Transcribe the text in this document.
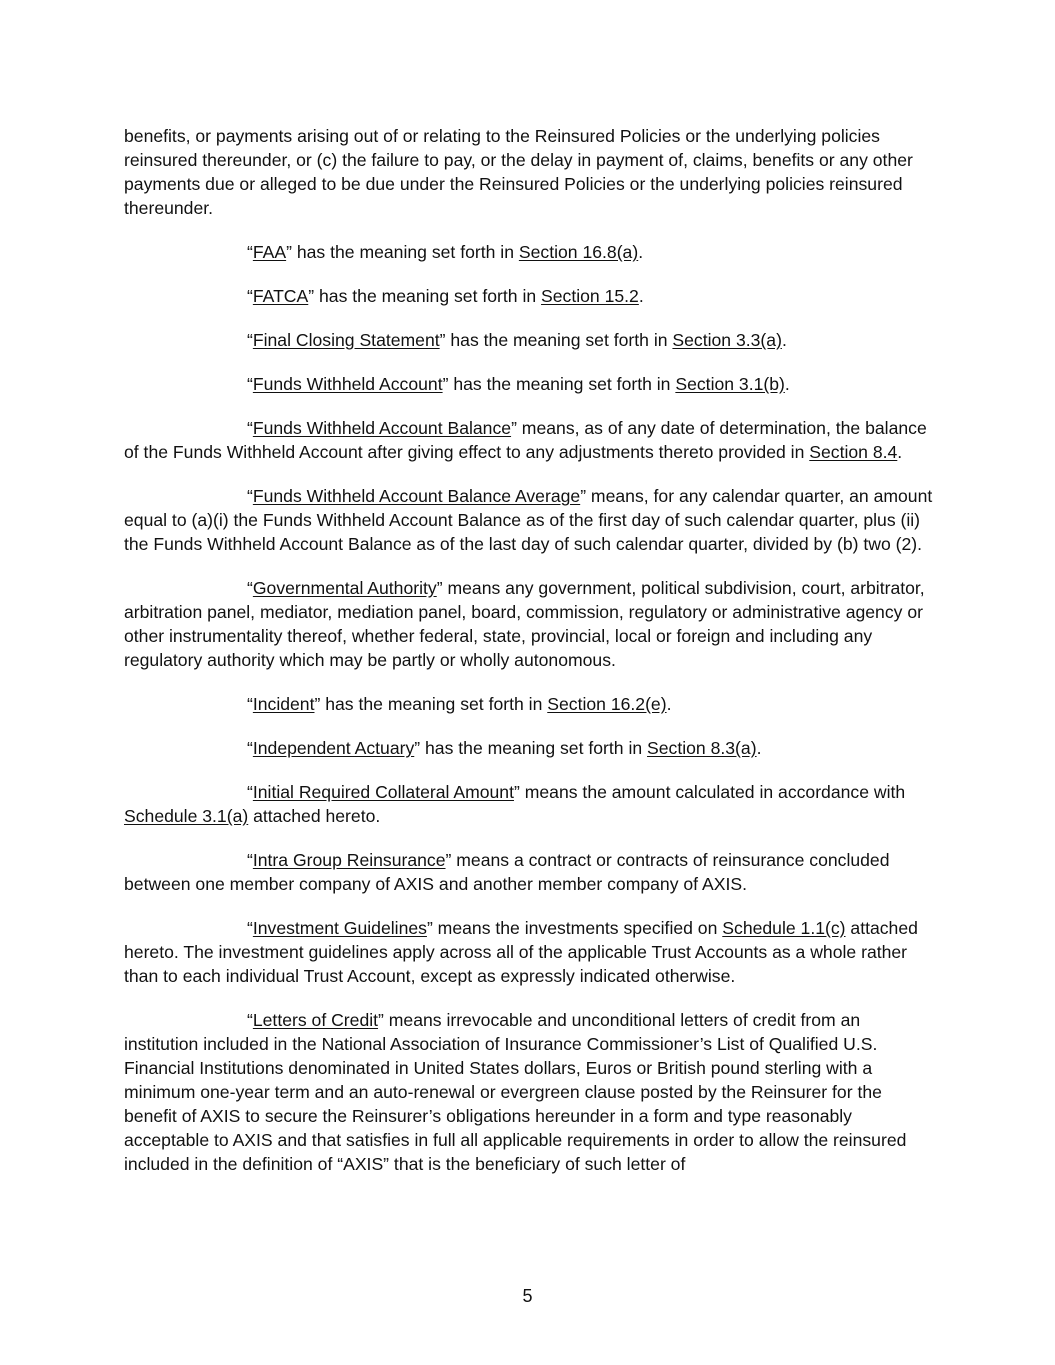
benefits, or payments arising out of or relating to the Reinsured Policies or the underlying policies reinsured thereunder, or (c) the failure to pay, or the delay in payment of, claims, benefits or any other payments due or alleged to be due under the Reinsured Policies or the underlying policies reinsured thereunder.

“FAA” has the meaning set forth in Section 16.8(a).

“FATCA” has the meaning set forth in Section 15.2.

“Final Closing Statement” has the meaning set forth in Section 3.3(a).

“Funds Withheld Account” has the meaning set forth in Section 3.1(b).

“Funds Withheld Account Balance” means, as of any date of determination, the balance of the Funds Withheld Account after giving effect to any adjustments thereto provided in Section 8.4.

“Funds Withheld Account Balance Average” means, for any calendar quarter, an amount equal to (a)(i) the Funds Withheld Account Balance as of the first day of such calendar quarter, plus (ii) the Funds Withheld Account Balance as of the last day of such calendar quarter, divided by (b) two (2).

“Governmental Authority” means any government, political subdivision, court, arbitrator, arbitration panel, mediator, mediation panel, board, commission, regulatory or administrative agency or other instrumentality thereof, whether federal, state, provincial, local or foreign and including any regulatory authority which may be partly or wholly autonomous.

“Incident” has the meaning set forth in Section 16.2(e).

“Independent Actuary” has the meaning set forth in Section 8.3(a).

“Initial Required Collateral Amount” means the amount calculated in accordance with Schedule 3.1(a) attached hereto.

“Intra Group Reinsurance” means a contract or contracts of reinsurance concluded between one member company of AXIS and another member company of AXIS.

“Investment Guidelines” means the investments specified on Schedule 1.1(c) attached hereto. The investment guidelines apply across all of the applicable Trust Accounts as a whole rather than to each individual Trust Account, except as expressly indicated otherwise.

“Letters of Credit” means irrevocable and unconditional letters of credit from an institution included in the National Association of Insurance Commissioner’s List of Qualified U.S. Financial Institutions denominated in United States dollars, Euros or British pound sterling with a minimum one-year term and an auto-renewal or evergreen clause posted by the Reinsurer for the benefit of AXIS to secure the Reinsurer’s obligations hereunder in a form and type reasonably acceptable to AXIS and that satisfies in full all applicable requirements in order to allow the reinsured included in the definition of “AXIS” that is the beneficiary of such letter of

5
